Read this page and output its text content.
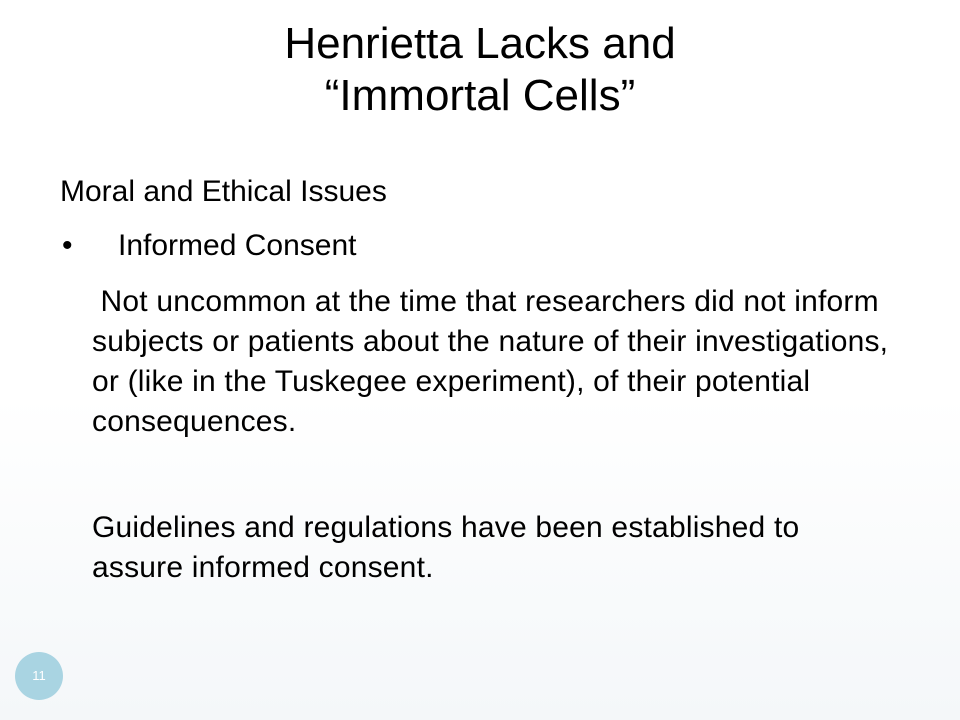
Henrietta Lacks and
“Immortal Cells”

Moral and Ethical Issues

• Informed Consent

Not uncommon at the time that researchers did not inform subjects or patients about the nature of their investigations, or (like in the Tuskegee experiment), of their potential consequences.

Guidelines and regulations have been established to assure informed consent.

11
